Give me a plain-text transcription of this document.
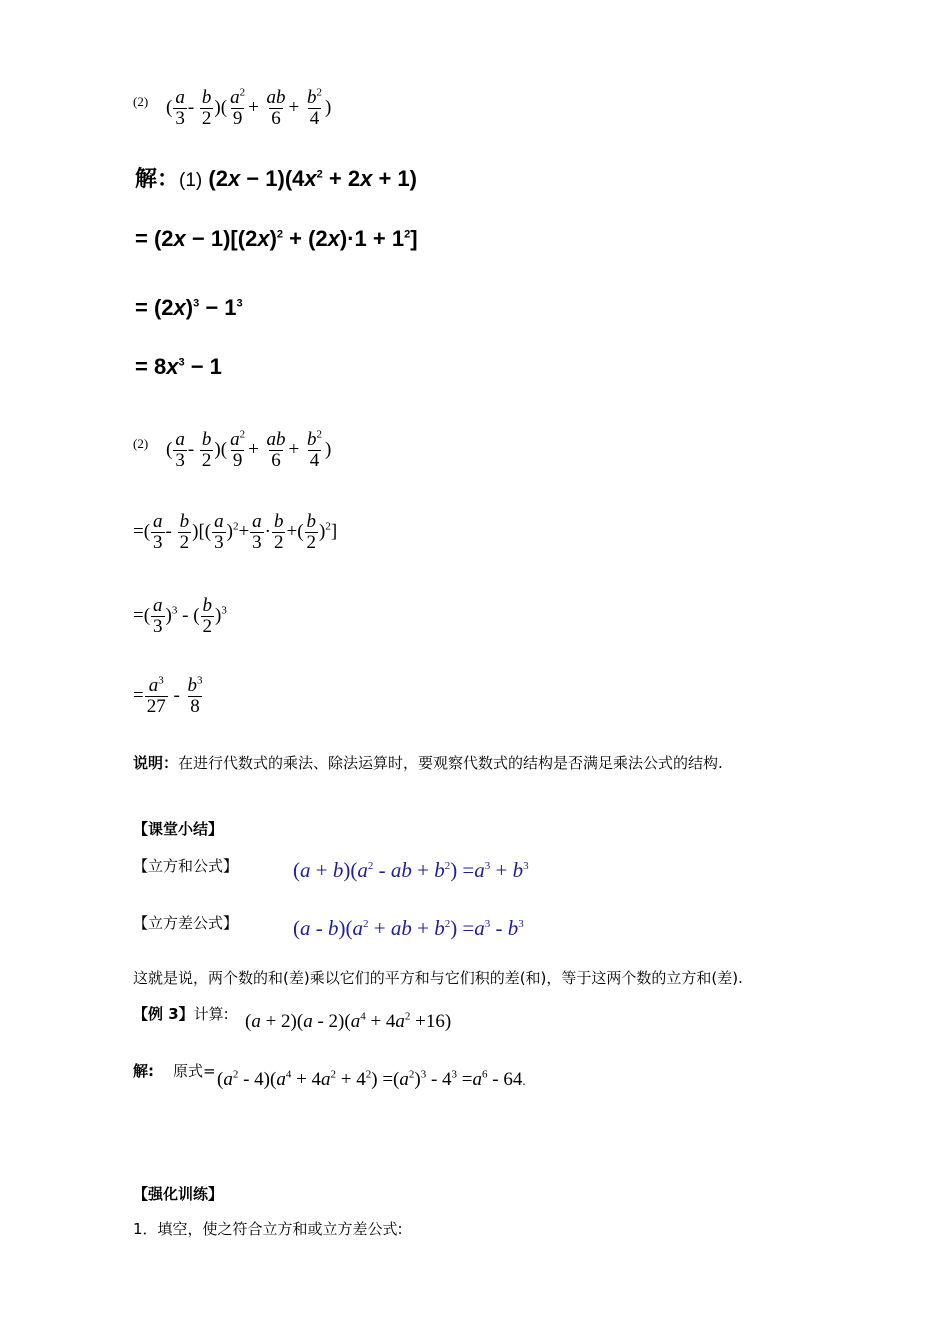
(2) ( $\frac{a}{3} - \frac{b}{2}$ )( $\frac{a^2}{9} + \frac{ab}{6} + \frac{b^2}{4}$ )
解：(1) $(2x - 1)(4x^2 + 2x + 1)$
= $(2x - 1)[(2x)^2 + (2x)\cdot 1 + 1^2]$
= $(2x)^3 - 1^3$
= $8x^3 - 1$
(2) ( $\frac{a}{3} - \frac{b}{2}$ )( $\frac{a^2}{9} + \frac{ab}{6} + \frac{b^2}{4}$ )
=( $\frac{a}{3} - \frac{b}{2}$ )[( $\frac{a}{3} )^2+ \frac{a}{3} \cdot \frac{b}{2}$ +( $\frac{b}{2} )^2$]
=( $\frac{a}{3} )^3$ - ( $\frac{b}{2} )^3$
= $\frac{a^3}{27} - \frac{b^3}{8}$
说明：在进行代数式的乘法、除法运算时，要观察代数式的结构是否满足乘法公式的结构.
【课堂小结】
【立方和公式】	$(a + b)(a^2$ - ab + $b^2) =a^3 + b^3$
【立方差公式】	$(a - b)(a^2$ + ab + $b^2) =a^3 - b^3$
这就是说，两个数的和(差)乘以它们的平方和与它们积的差(和)，等于这两个数的立方和(差).
【例 3】计算: $(a + 2)(a - 2)(a^4 + 4a^2 +16)$
解: 原式= $(a^2 - 4)(a^4 + 4a^2 + 4^2) =(a^2)^3 - 4^3 =a^6 - 64$.
【强化训练】
1．填空，使之符合立方和或立方差公式:
